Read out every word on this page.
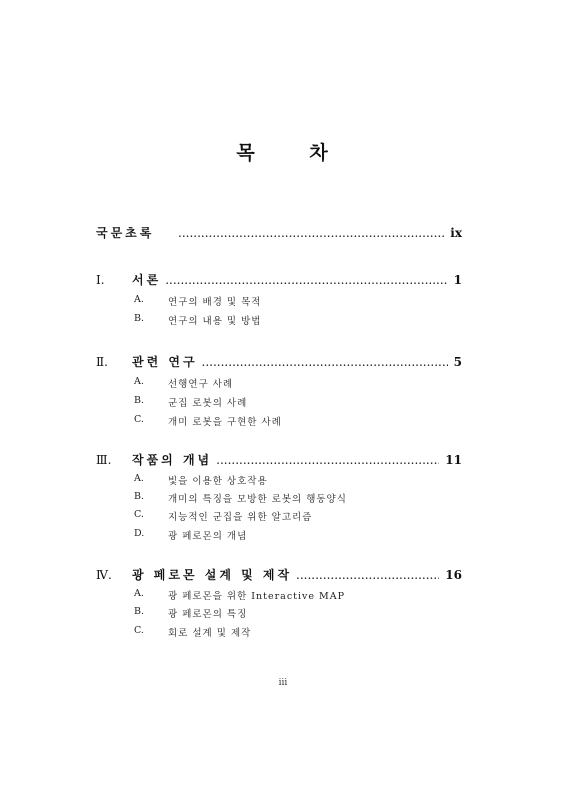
목	차
국문초록 .....	ix
Ⅰ.	서론 .....	1
A.	연구의 배경 및 목적
B.	연구의 내용 및 방법
Ⅱ.	관련 연구 .....	5
A.	선행연구 사례
B.	군집 로봇의 사례
C.	개미 로봇을 구현한 사례
Ⅲ.	작품의 개념 .....	11
A.	빛을 이용한 상호작용
B.	개미의 특징을 모방한 로봇의 행동양식
C.	지능적인 군집을 위한 알고리즘
D.	광 페로몬의 개념
Ⅳ.	광 페로몬 설계 및 제작 .....	16
A.	광 페로몬을 위한 Interactive MAP
B.	광 페로몬의 특징
C.	회로 설계 및 제작
iii
